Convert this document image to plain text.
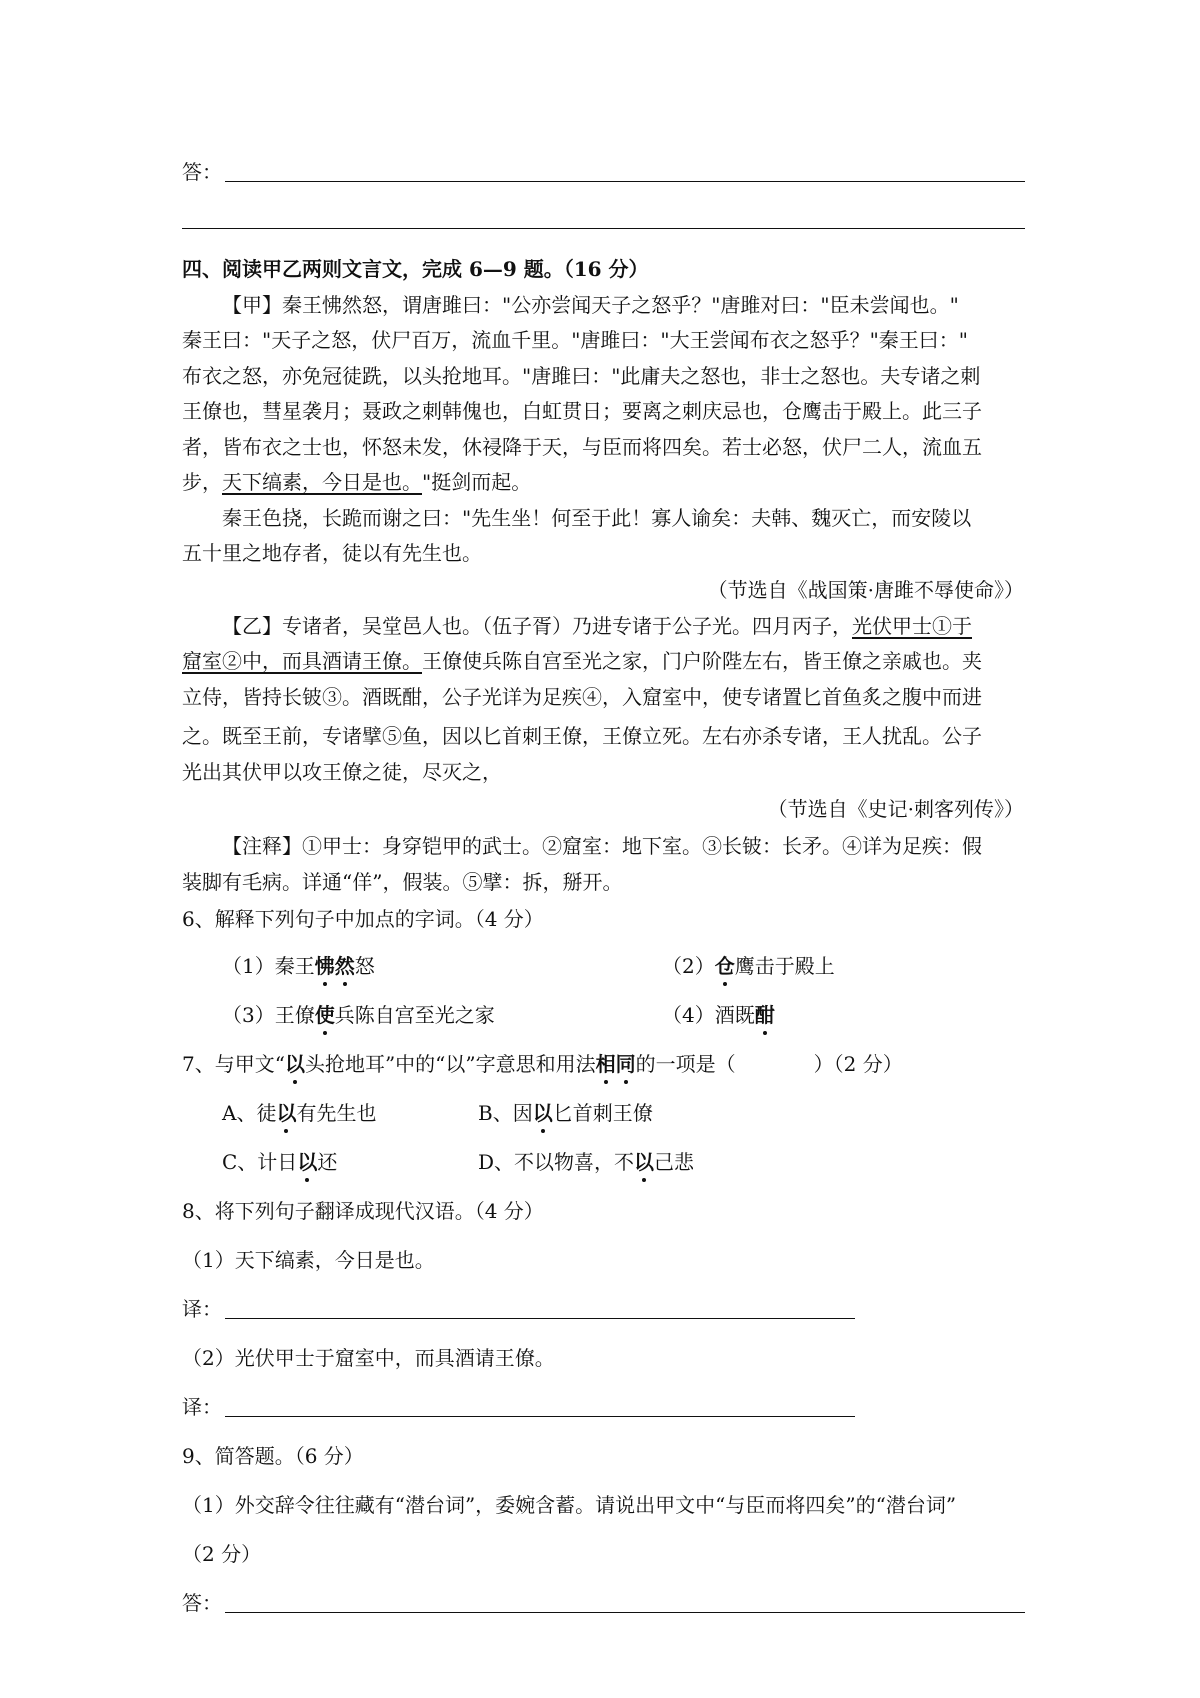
答：
四、阅读甲乙两则文言文，完成 6—9 题。（16 分）
【甲】秦王怫然怒，谓唐雎曰："公亦尝闻天子之怒乎？"唐雎对曰："臣未尝闻也。"
秦王曰："天子之怒，伏尸百万，流血千里。"唐雎曰："大王尝闻布衣之怒乎？"秦王曰："
布衣之怒，亦免冠徒跣，以头抢地耳。"唐雎曰："此庸夫之怒也，非士之怒也。夫专诸之刺
王僚也，彗星袭月；聂政之刺韩傀也，白虹贯日；要离之刺庆忌也，仓鹰击于殿上。此三子
者，皆布衣之士也，怀怒未发，休祲降于天，与臣而将四矣。若士必怒，伏尸二人，流血五
步，天下缟素，今日是也。"挺剑而起。
秦王色挠，长跪而谢之曰："先生坐！何至于此！寡人谕矣：夫韩、魏灭亡，而安陵以
五十里之地存者，徒以有先生也。
（节选自《战国策·唐雎不辱使命》）
【乙】专诸者，吴堂邑人也。（伍子胥）乃进专诸于公子光。四月丙子，光伏甲士①于
窟室②中，而具酒请王僚。王僚使兵陈自宫至光之家，门户阶陛左右，皆王僚之亲戚也。夹
立侍，皆持长铍③。酒既酣，公子光详为足疾④，入窟室中，使专诸置匕首鱼炙之腹中而进
之。既至王前，专诸擘⑤鱼，因以匕首刺王僚，王僚立死。左右亦杀专诸，王人扰乱。公子
光出其伏甲以攻王僚之徒，尽灭之，
（节选自《史记·刺客列传》）
【注释】①甲士：身穿铠甲的武士。②窟室：地下室。③长铍：长矛。④详为足疾：假
装脚有毛病。详通“佯”，假装。⑤擘：拆，掰开。
6、解释下列句子中加点的字词。（4 分）
（1）秦王怫然怒	（2）仓鹰击于殿上
（3）王僚使兵陈自宫至光之家	（4）酒既酣
7、与甲文“以头抢地耳”中的“以”字意思和用法相同的一项是（	）（2 分）
A、徒以有先生也	B、因以匕首刺王僚
C、计日以还	D、不以物喜，不以己悲
8、将下列句子翻译成现代汉语。（4 分）
（1）天下缟素，今日是也。
译：
（2）光伏甲士于窟室中，而具酒请王僚。
译：
9、简答题。（6 分）
（1）外交辞令往往藏有“潜台词”，委婉含蓄。请说出甲文中“与臣而将四矣”的“潜台词”
（2 分）
答：
